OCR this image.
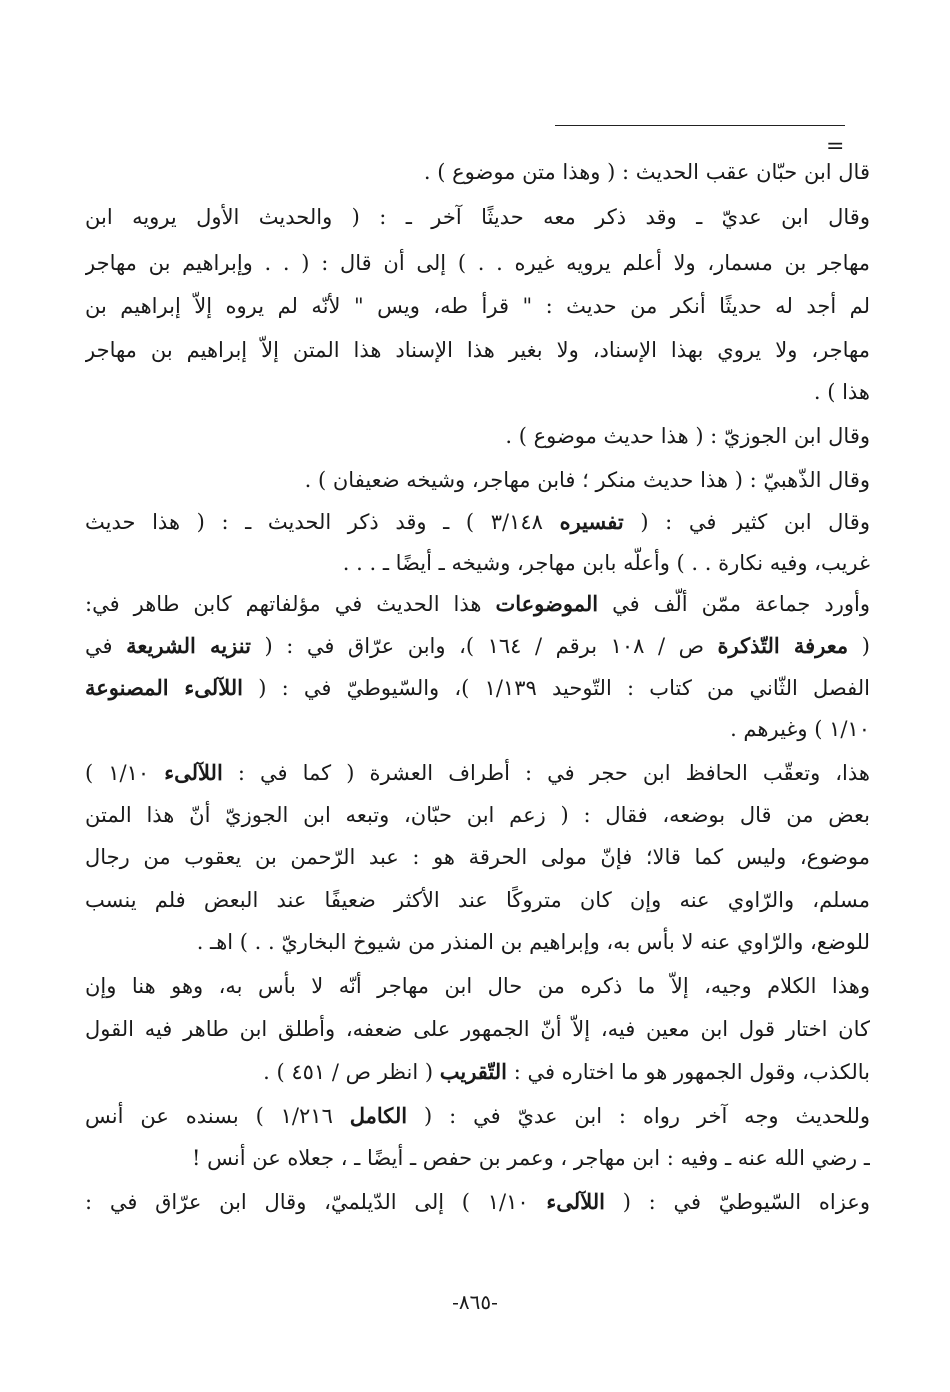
=
قال ابن حبّان عقب الحديث : ( وهذا متن موضوع ) .
وقال ابن عديّ ـ وقد ذكر معه حديثًا آخر ـ : ( والحديث الأول يرويه ابن
مهاجر بن مسمار، ولا أعلم يرويه غيره . . ) إلى أن قال : ( . . وإبراهيم بن مهاجر
لم أجد له حديثًا أنكر من حديث : " قرأ طه، ويس " لأنّه لم يروه إلاّ إبراهيم بن
مهاجر، ولا يروي بهذا الإسناد، ولا بغير هذا الإسناد هذا المتن إلاّ إبراهيم بن مهاجر
هذا ) .
وقال ابن الجوزيّ : ( هذا حديث موضوع ) .
وقال الذّهبيّ : ( هذا حديث منكر ؛ فابن مهاجر، وشيخه ضعيفان ) .
وقال ابن كثير في : ( تفسيره ٣/١٤٨ ) ـ وقد ذكر الحديث ـ : ( هذا حديث
غريب، وفيه نكارة . . ) وأعلّه بابن مهاجر، وشيخه ـ أيضًا ـ . . .
وأورد جماعة ممّن ألّف في الموضوعات هذا الحديث في مؤلفاتهم كابن طاهر في:
( معرفة التّذكرة ص / ١٠٨ برقم / ١٦٤ )، وابن عرّاق في : ( تنزيه الشريعة في
الفصل الثّاني من كتاب : التّوحيد ١/١٣٩ )، والسّيوطيّ في : ( اللآلىء المصنوعة
١/١٠ ) وغيرهم .
هذا، وتعقّب الحافظ ابن حجر في : أطراف العشرة ( كما في : اللآلىء ١/١٠ )
بعض من قال بوضعه، فقال : ( زعم ابن حبّان، وتبعه ابن الجوزيّ أنّ هذا المتن
موضوع، وليس كما قالا؛ فإنّ مولى الحرقة هو : عبد الرّحمن بن يعقوب من رجال
مسلم، والرّاوي عنه وإن كان متروكًا عند الأكثر ضعيفًا عند البعض فلم ينسب
للوضع، والرّاوي عنه لا بأس به، وإبراهيم بن المنذر من شيوخ البخاريّ . . ) اهـ .
وهذا الكلام وجيه، إلاّ ما ذكره من حال ابن مهاجر أنّه لا بأس به، وهو هنا وإن
كان اختار قول ابن معين فيه، إلاّ أنّ الجمهور على ضعفه، وأطلق ابن طاهر فيه القول
بالكذب، وقول الجمهور هو ما اختاره في : التّقريب ( انظر ص / ٤٥١ ) .
وللحديث وجه آخر رواه : ابن عديّ في : ( الكامل ١/٢١٦ ) بسنده عن أنس
ـ رضي الله عنه ـ وفيه : ابن مهاجر ، وعمر بن حفص ـ أيضًا ـ ، جعلاه عن أنس !
وعزاه السّيوطيّ في : ( اللآلىء ١/١٠ ) إلى الدّيلميّ، وقال ابن عرّاق في :
-٨٦٥-
